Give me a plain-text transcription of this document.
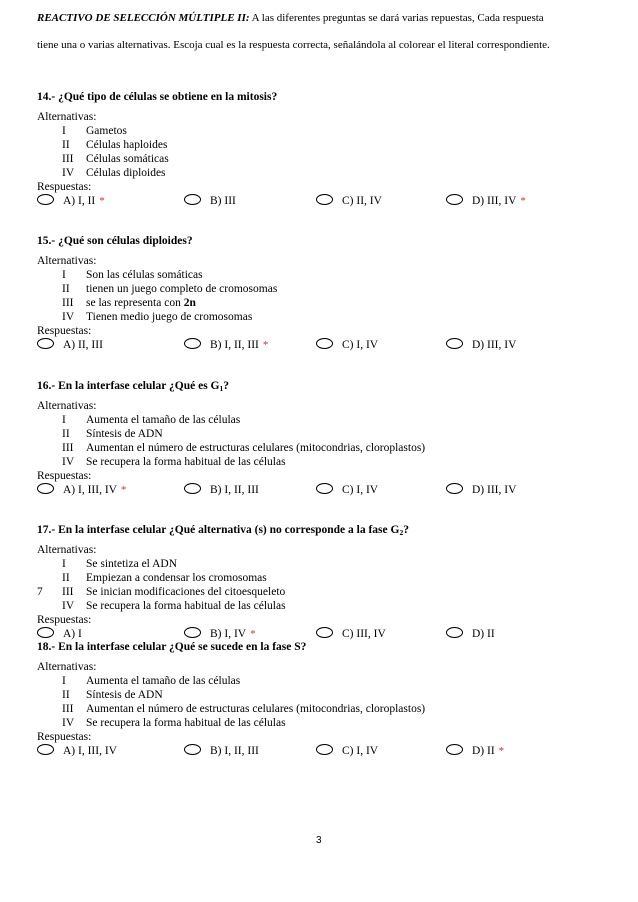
REACTIVO DE SELECCIÓN MÚLTIPLE II: A las diferentes preguntas se dará varias repuestas, Cada respuesta
tiene una o varias alternativas. Escoja cual es la respuesta correcta, señalándola al colorear el literal correspondiente.
14.- ¿Qué tipo de células se obtiene en la mitosis?
Alternativas:
I Gametos
II Células haploides
III Células somáticas
IV Células diploides
Respuestas:
A) I, II *	B) III	C) II, IV	D) III, IV *
15.- ¿Qué son células diploides?
Alternativas:
I Son las células somáticas
II tienen un juego completo de cromosomas
III se las representa con 2n
IV Tienen medio juego de cromosomas
Respuestas:
A) II, III	B) I, II, III *	C) I, IV	D) III, IV
16.- En la interfase celular ¿Qué es $G_1$?
Alternativas:
I Aumenta el tamaño de las células
II Síntesis de ADN
III Aumentan el número de estructuras celulares (mitocondrias, cloroplastos)
IV Se recupera la forma habitual de las células
Respuestas:
A) I, III, IV *	B) I, II, III	C) I, IV	D) III, IV
17.- En la interfase celular ¿Qué alternativa (s) no corresponde a la fase $G_2$?
Alternativas:
I Se sintetiza el ADN
II Empiezan a condensar los cromosomas
7 III Se inician modificaciones del citoesqueleto
IV Se recupera la forma habitual de las células
Respuestas:
A) I	B) I, IV *	C) III, IV	D) II
18.- En la interfase celular ¿Qué se sucede en la fase S?
Alternativas:
I Aumenta el tamaño de las células
II Síntesis de ADN
III Aumentan el número de estructuras celulares (mitocondrias, cloroplastos)
IV Se recupera la forma habitual de las células
Respuestas:
A) I, III, IV	B) I, II, III	C) I, IV	D) II *
3
